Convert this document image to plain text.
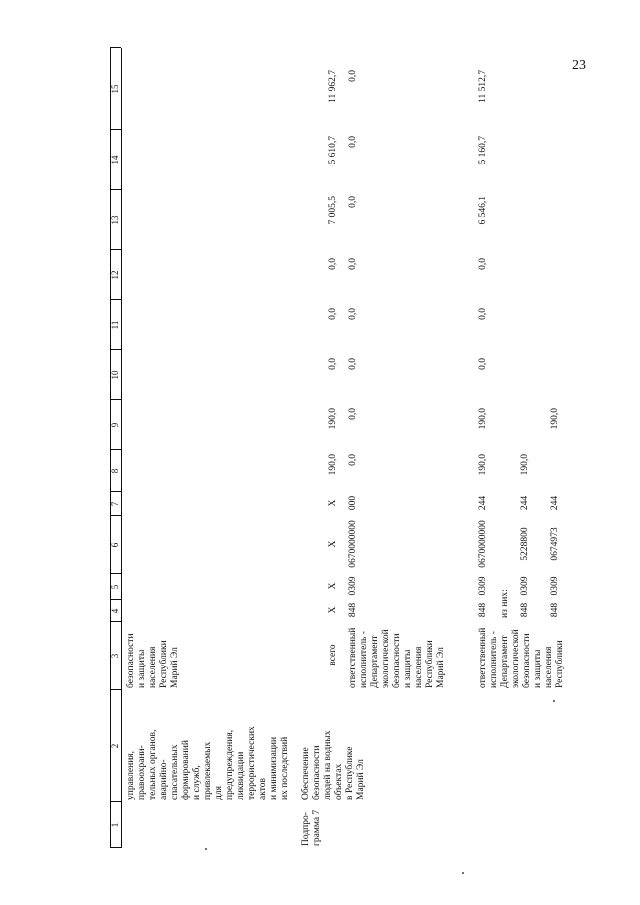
23
1
2
3
4
5
6
7
8
9
10
11
12
13
14
15
управления, правоохрани- тельных органов, аварийно- спасательных формирований и служб, привлекаемых для предупреждения, ликвидации террористических актов и минимизации их последствий
безопасности и защиты населения Республики Марий Эл
Подпро- грамма 7
Обеспечение безопасности людей на водных объектах в Республике Марий Эл
всего
X
X
X
X
190,0
190,0
0,0
0,0
0,0
7 005,5
5 610,7
11 962,7
ответственный исполнитель - Департамент экологической безопасности и защиты населения Республики Марий Эл
848
0309
0670000000
000
0,0
0,0
0,0
0,0
0,0
0,0
0,0
0,0
ответственный исполнитель - Департамент экологической безопасности и защиты населения Республики
848
0309
0670000000
244
190,0
190,0
0,0
0,0
0,0
6 546,1
5 160,7
11 512,7
из них: 848
0309
5228800
244
190,0
848
0309
0674973
244
190,0
